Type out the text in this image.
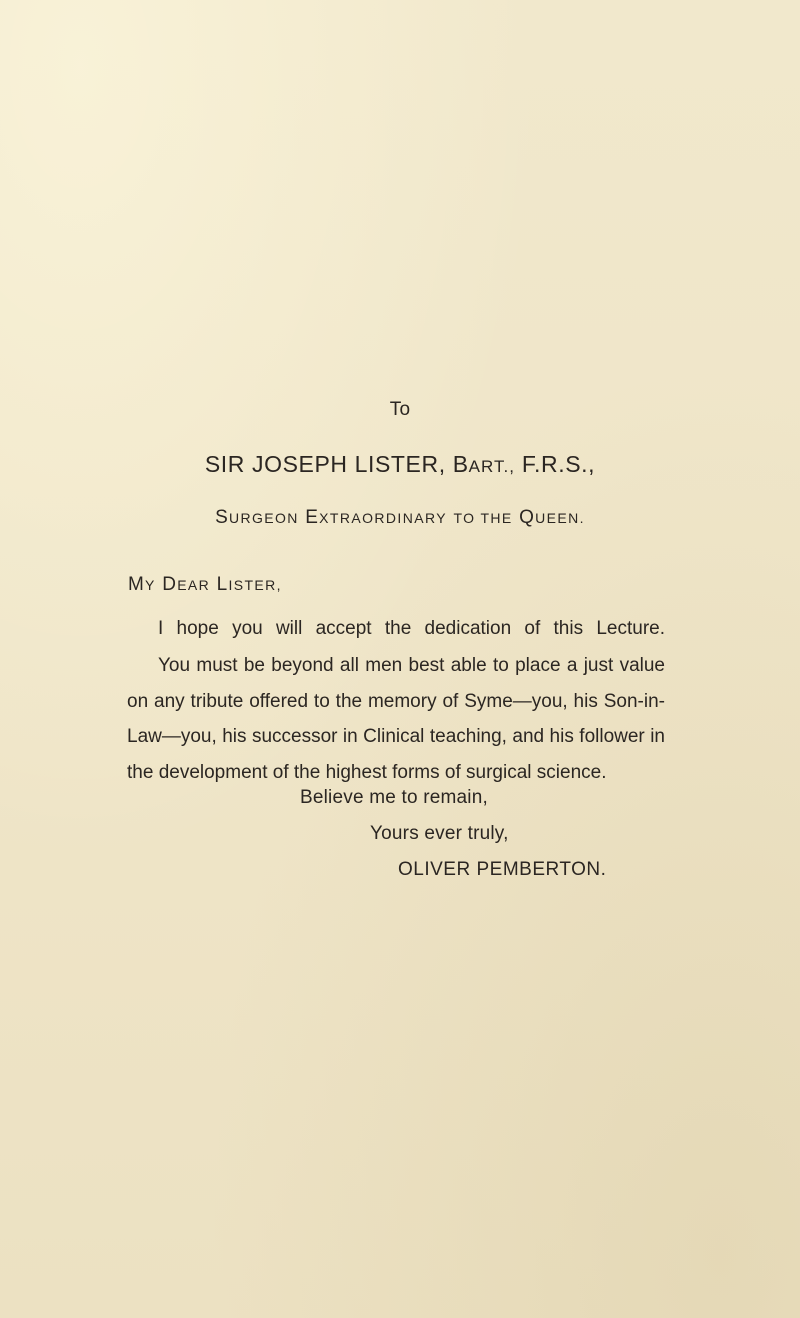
To
SIR JOSEPH LISTER, BART., F.R.S.,
SURGEON EXTRAORDINARY TO THE QUEEN.
MY DEAR LISTER,
I hope you will accept the dedication of this Lecture.
You must be beyond all men best able to place a just value on any tribute offered to the memory of Syme—you, his Son-in-Law—you, his successor in Clinical teaching, and his follower in the development of the highest forms of surgical science.
Believe me to remain,
Yours ever truly,
OLIVER PEMBERTON.
